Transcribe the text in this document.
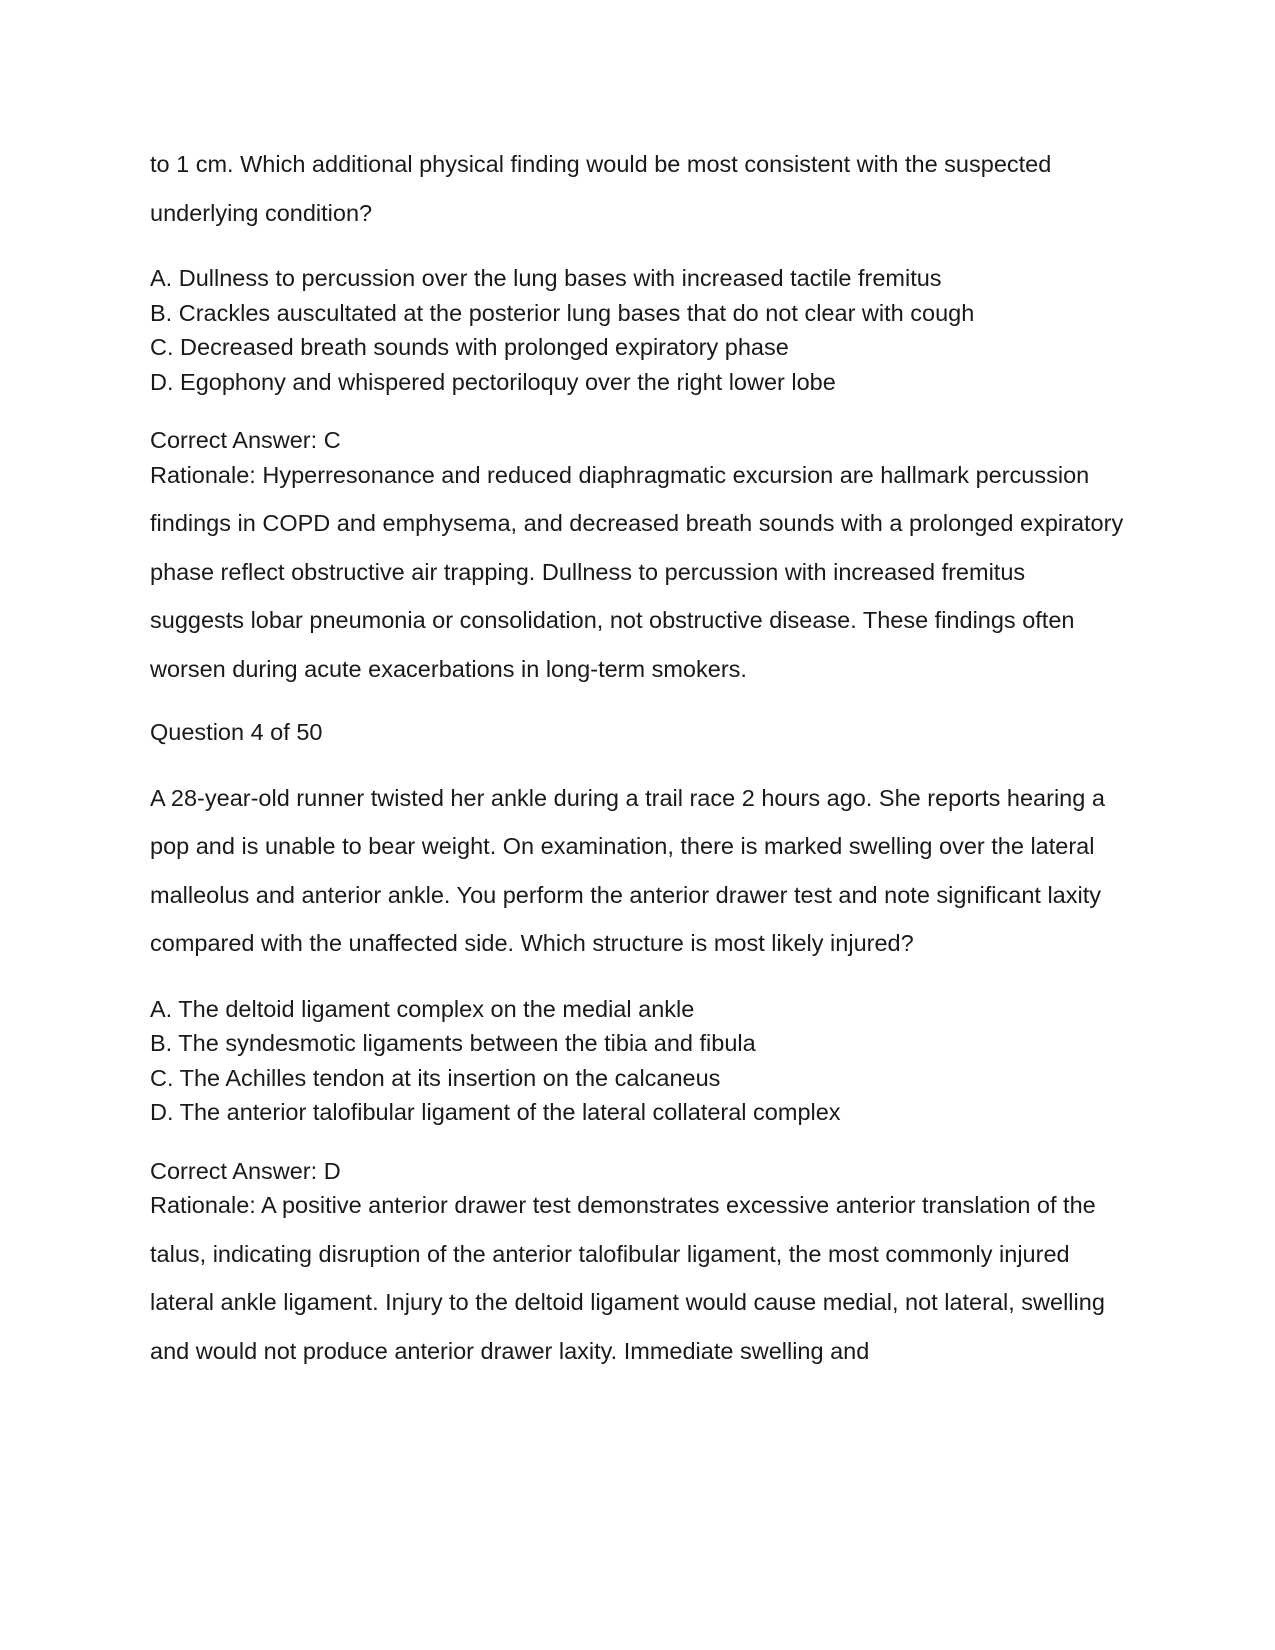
to 1 cm. Which additional physical finding would be most consistent with the suspected underlying condition?

A. Dullness to percussion over the lung bases with increased tactile fremitus
B. Crackles auscultated at the posterior lung bases that do not clear with cough
C. Decreased breath sounds with prolonged expiratory phase
D. Egophony and whispered pectoriloquy over the right lower lobe
Correct Answer: C

Rationale: Hyperresonance and reduced diaphragmatic excursion are hallmark percussion findings in COPD and emphysema, and decreased breath sounds with a prolonged expiratory phase reflect obstructive air trapping. Dullness to percussion with increased fremitus suggests lobar pneumonia or consolidation, not obstructive disease. These findings often worsen during acute exacerbations in long-term smokers.

Question 4 of 50

A 28-year-old runner twisted her ankle during a trail race 2 hours ago. She reports hearing a pop and is unable to bear weight. On examination, there is marked swelling over the lateral malleolus and anterior ankle. You perform the anterior drawer test and note significant laxity compared with the unaffected side. Which structure is most likely injured?

A. The deltoid ligament complex on the medial ankle
B. The syndesmotic ligaments between the tibia and fibula
C. The Achilles tendon at its insertion on the calcaneus
D. The anterior talofibular ligament of the lateral collateral complex
Correct Answer: D

Rationale: A positive anterior drawer test demonstrates excessive anterior translation of the talus, indicating disruption of the anterior talofibular ligament, the most commonly injured lateral ankle ligament. Injury to the deltoid ligament would cause medial, not lateral, swelling and would not produce anterior drawer laxity. Immediate swelling and
